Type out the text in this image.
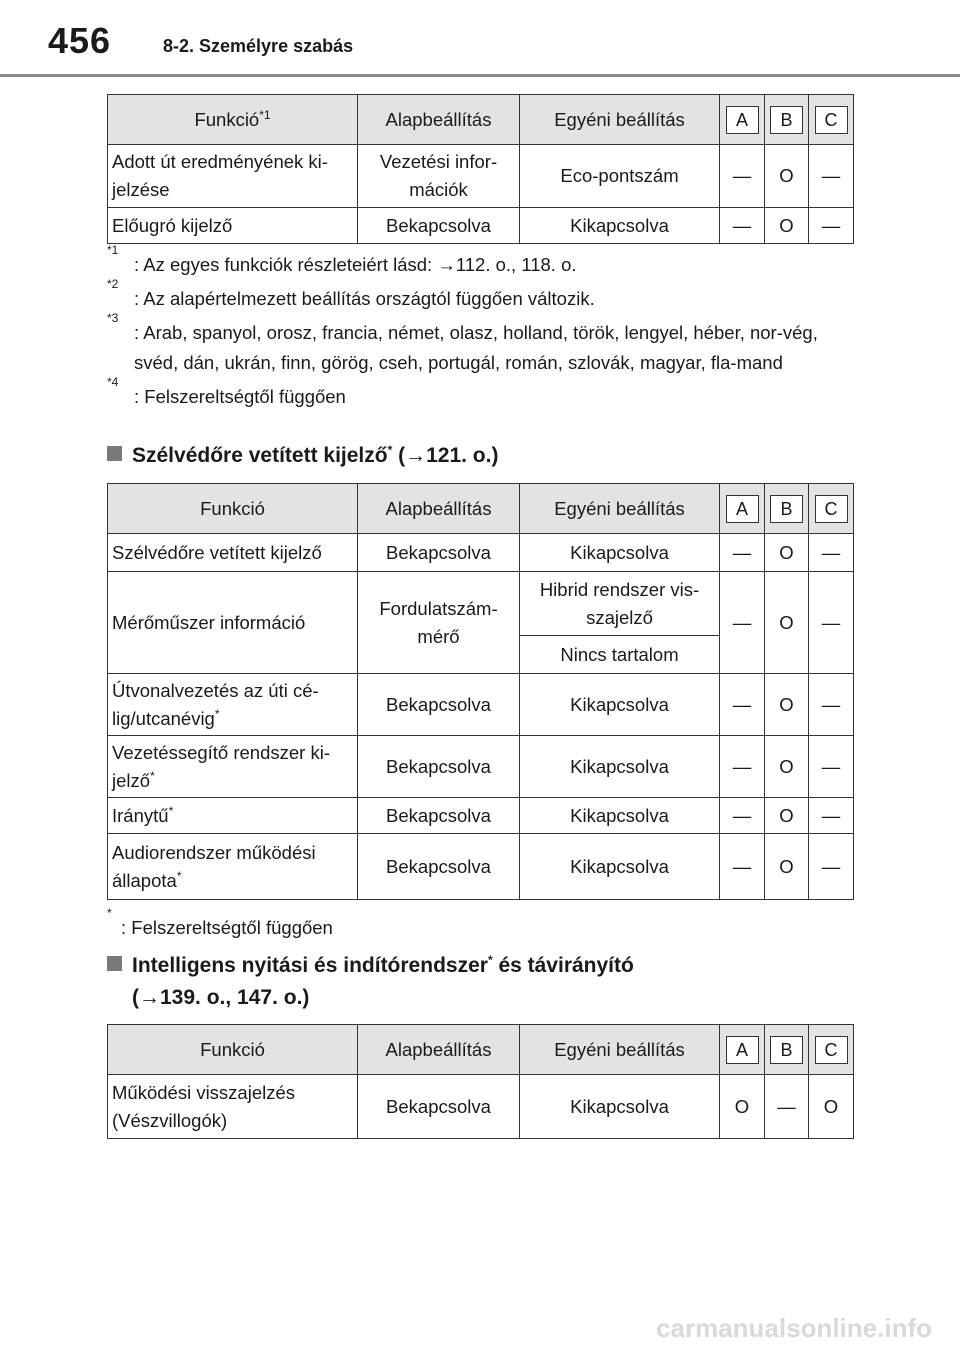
456	8-2. Személyre szabás
Funkció$^{*1}$	Alapbeállítás	Egyéni beállítás	A	B	C
Adott út eredményének ki-jelzése	Vezetési infor-mációk	Eco-pontszám	—	O	—
Előugró kijelző	Bekapcsolva	Kikapcsolva	—	O	—
*1
: Az egyes funkciók részleteiért lásd: →112. o., 118. o.
*2
: Az alapértelmezett beállítás országtól függően változik.
*3
: Arab, spanyol, orosz, francia, német, olasz, holland, török, lengyel, héber, nor-vég, svéd, dán, ukrán, finn, görög, cseh, portugál, román, szlovák, magyar, fla-mand
*4
: Felszereltségtől függően
Szélvédőre vetített kijelző* (→121. o.)
Funkció	Alapbeállítás	Egyéni beállítás	A	B	C
Szélvédőre vetített kijelző	Bekapcsolva	Kikapcsolva	—	O	—
Mérőműszer információ	Fordulatszám-mérő	Hibrid rendszer vis-szajelző	—	O	—
		Nincs tartalom			
Útvonalvezetés az úti cé-lig/utcanévig*	Bekapcsolva	Kikapcsolva	—	O	—
Vezetéssegítő rendszer ki-jelző*	Bekapcsolva	Kikapcsolva	—	O	—
Iránytű*	Bekapcsolva	Kikapcsolva	—	O	—
Audiorendszer működési állapota*	Bekapcsolva	Kikapcsolva	—	O	—
*
: Felszereltségtől függően
Intelligens nyitási és indítórendszer* és távirányító
(→139. o., 147. o.)
Funkció	Alapbeállítás	Egyéni beállítás	A	B	C
Működési visszajelzés (Vészvillogók)	Bekapcsolva	Kikapcsolva	O	—	O
carmanualsonline.info
